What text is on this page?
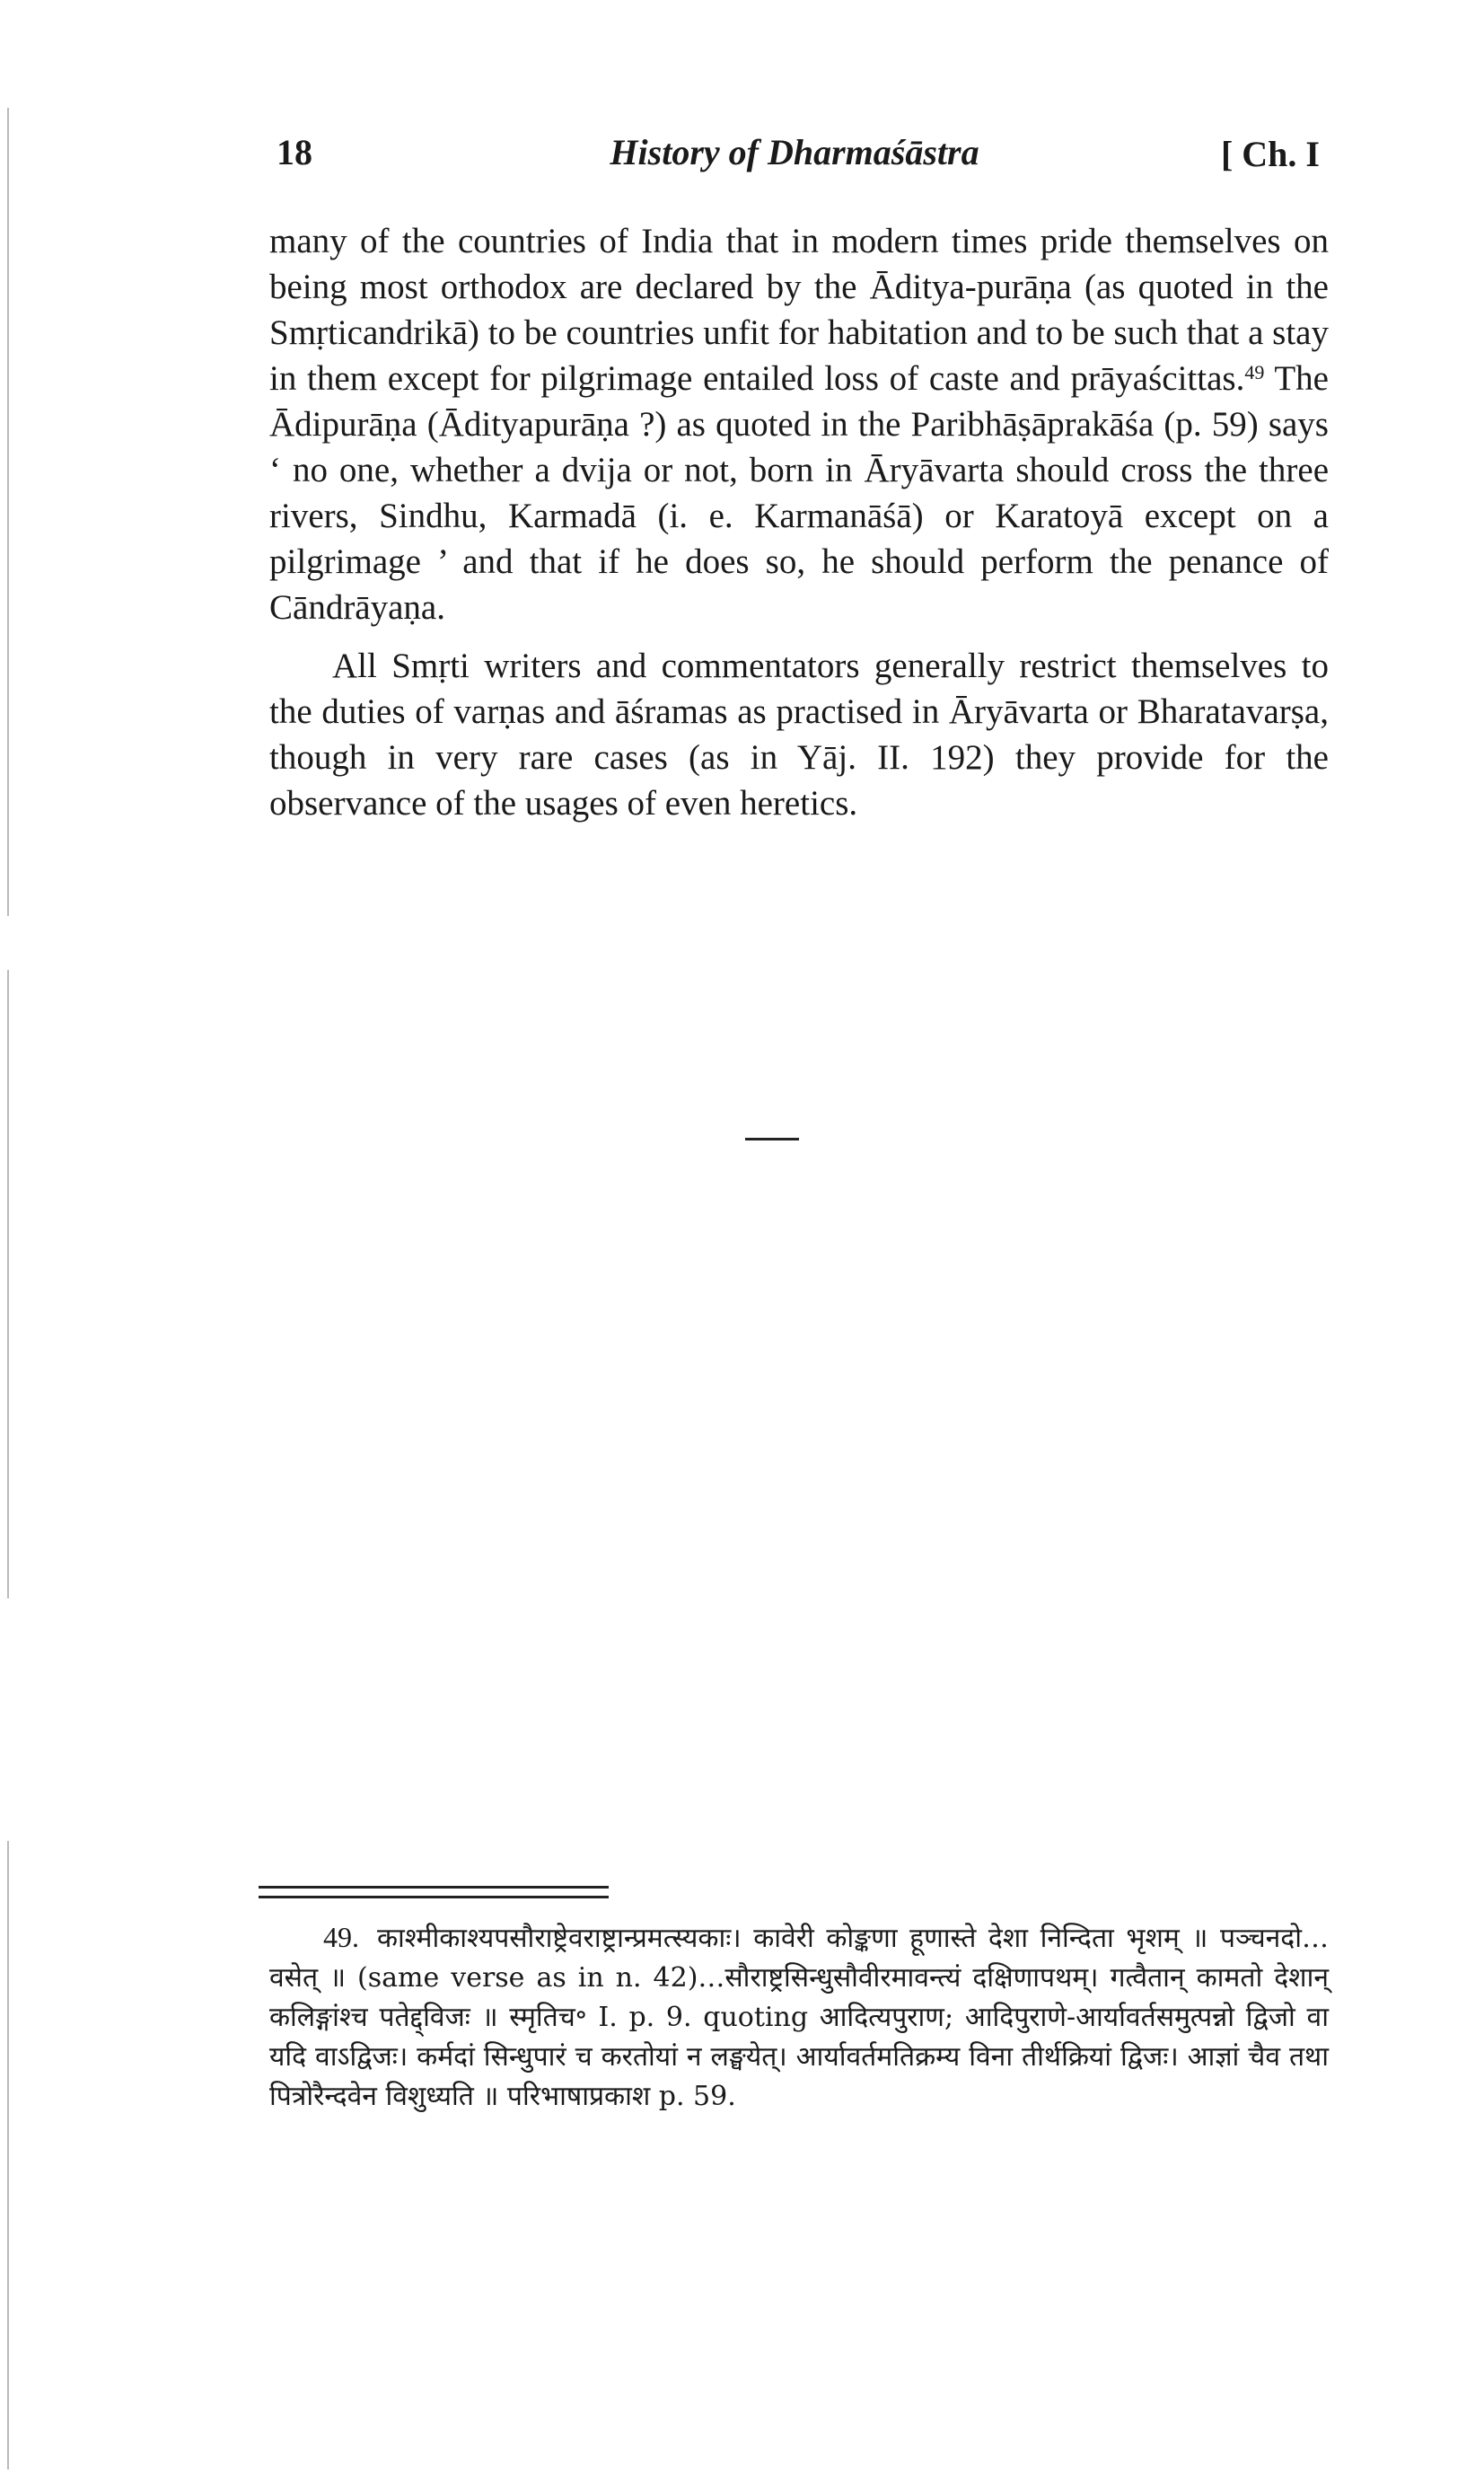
18	History of Dharmaśāstra	[ Ch. I

many of the countries of India that in modern times pride themselves on being most orthodox are declared by the Āditya-purāṇa (as quoted in the Smṛticandrikā) to be countries unfit for habitation and to be such that a stay in them except for pilgrimage entailed loss of caste and prāyaścittas.$^{49}$ The Ādipurāṇa (Ādityapurāṇa ?) as quoted in the Paribhāṣāprakāśa (p. 59) says ‘ no one, whether a dvija or not, born in Āryāvarta should cross the three rivers, Sindhu, Karmadā (i. e. Karmanāśā) or Karatoyā except on a pilgrimage ’ and that if he does so, he should perform the penance of Cāndrāyaṇa.

All Smṛti writers and commentators generally restrict themselves to the duties of varṇas and āśramas as practised in Āryāvarta or Bharatavarṣa, though in very rare cases (as in Yāj. II. 192) they provide for the observance of the usages of even heretics.

49. काश्मीकाश्यपसौराष्ट्रेवराष्ट्रान्प्रमत्स्यकाः। कावेरी कोङ्कणा हूणास्ते देशा निन्दिता भृशम् ॥ पञ्चनदो…वसेत् ॥ (same verse as in n. 42)…सौराष्ट्रसिन्धुसौवीरमावन्त्यं दक्षिणापथम्। गत्वैतान् कामतो देशान् कलिङ्गांश्च पतेद्द्विजः ॥ स्मृतिच॰ I. p. 9. quoting आदित्यपुराण; आदिपुराणे-आर्यावर्तसमुत्पन्नो द्विजो वा यदि वाऽद्विजः। कर्मदां सिन्धुपारं च करतोयां न लङ्घयेत्। आर्यावर्तमतिक्रम्य विना तीर्थक्रियां द्विजः। आज्ञां चैव तथा पित्रोरैन्दवेन विशुध्यति ॥ परिभाषाप्रकाश p. 59.
